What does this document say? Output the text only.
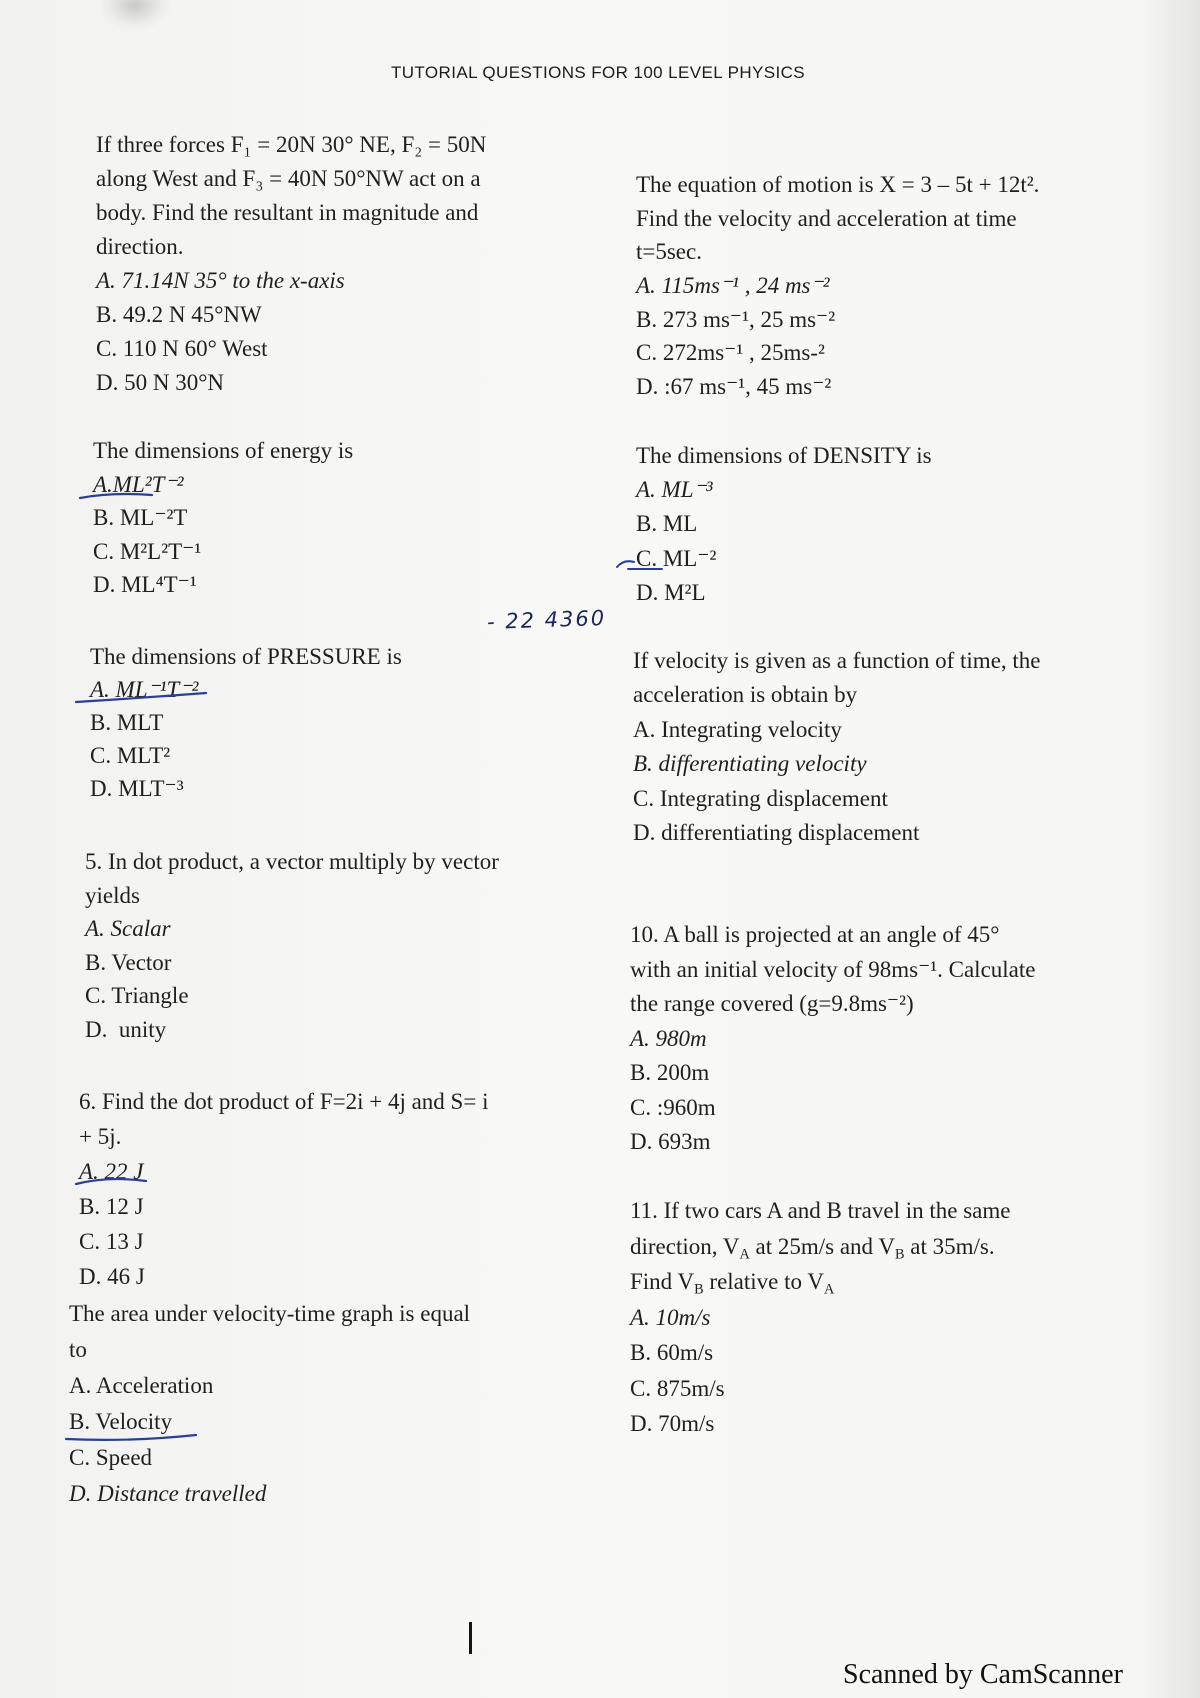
TUTORIAL QUESTIONS FOR 100 LEVEL PHYSICS
If three forces F₁ = 20N 30° NE, F₂ = 50N
along West and F₃ = 40N 50°NW act on a
body. Find the resultant in magnitude and
direction.
A. 71.14N 35° to the x-axis
B. 49.2 N 45°NW
C. 110 N 60° West
D. 50 N 30°N
The dimensions of energy is
A.ML²T⁻²
B. ML⁻²T
C. M²L²T⁻¹
D. ML⁴T⁻¹
- 22 4360
The dimensions of PRESSURE is
A. ML⁻¹T⁻²
B. MLT
C. MLT²
D. MLT⁻³
5. In dot product, a vector multiply by vector
yields
A. Scalar
B. Vector
C. Triangle
D.  unity
6. Find the dot product of F=2i + 4j and S= i
+ 5j.
A. 22 J
B. 12 J
C. 13 J
D. 46 J
The area under velocity-time graph is equal
to
A. Acceleration
B. Velocity
C. Speed
D. Distance travelled
The equation of motion is X = 3 – 5t + 12t².
Find the velocity and acceleration at time
t=5sec.
A. 115ms⁻¹ , 24 ms⁻²
B. 273 ms⁻¹, 25 ms⁻²
C. 272ms⁻¹ , 25ms-²
D. :67 ms⁻¹, 45 ms⁻²
The dimensions of DENSITY is
A. ML⁻³
B. ML
C. ML⁻²
D. M²L
If velocity is given as a function of time, the
acceleration is obtain by
A. Integrating velocity
B. differentiating velocity
C. Integrating displacement
D. differentiating displacement
10. A ball is projected at an angle of 45°
with an initial velocity of 98ms⁻¹. Calculate
the range covered (g=9.8ms⁻²)
A. 980m
B. 200m
C. :960m
D. 693m
11. If two cars A and B travel in the same
direction, $V_A$ at 25m/s and $V_B$ at 35m/s.
Find $V_B$ relative to $V_A$
A. 10m/s
B. 60m/s
C. 875m/s
D. 70m/s
Scanned by CamScanner
